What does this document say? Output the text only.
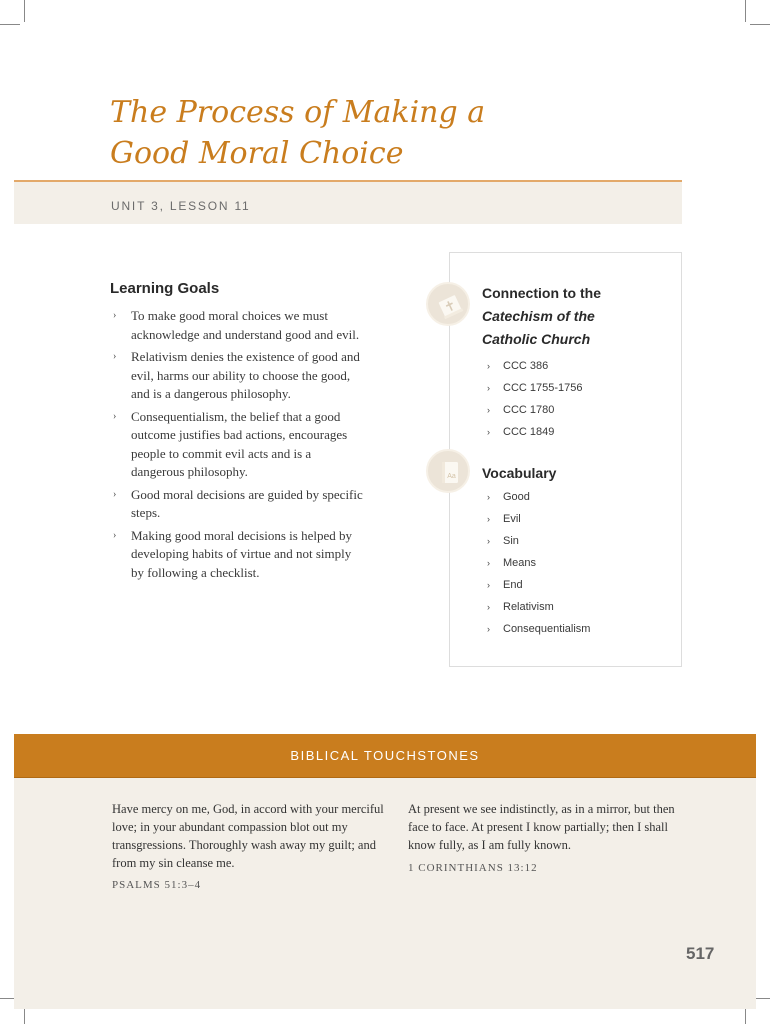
The Process of Making a
Good Moral Choice
UNIT 3, LESSON 11
Learning Goals
› To make good moral choices we must acknowledge and understand good and evil.
› Relativism denies the existence of good and evil, harms our ability to choose the good, and is a dangerous philosophy.
› Consequentialism, the belief that a good outcome justifies bad actions, encourages people to commit evil acts and is a dangerous philosophy.
› Good moral decisions are guided by specific steps.
› Making good moral decisions is helped by developing habits of virtue and not simply by following a checklist.
Connection to the
Catechism of the
Catholic Church
› CCC 386
› CCC 1755-1756
› CCC 1780
› CCC 1849
Aa Vocabulary
› Good
› Evil
› Sin
› Means
› End
› Relativism
› Consequentialism
BIBLICAL TOUCHSTONES

Have mercy on me, God, in accord with your merciful love; in your abundant compassion blot out my transgressions. Thoroughly wash away my guilt; and from my sin cleanse me.

PSALMS 51:3–4

At present we see indistinctly, as in a mirror, but then face to face. At present I know partially; then I shall know fully, as I am fully known.

1 CORINTHIANS 13:12
517
